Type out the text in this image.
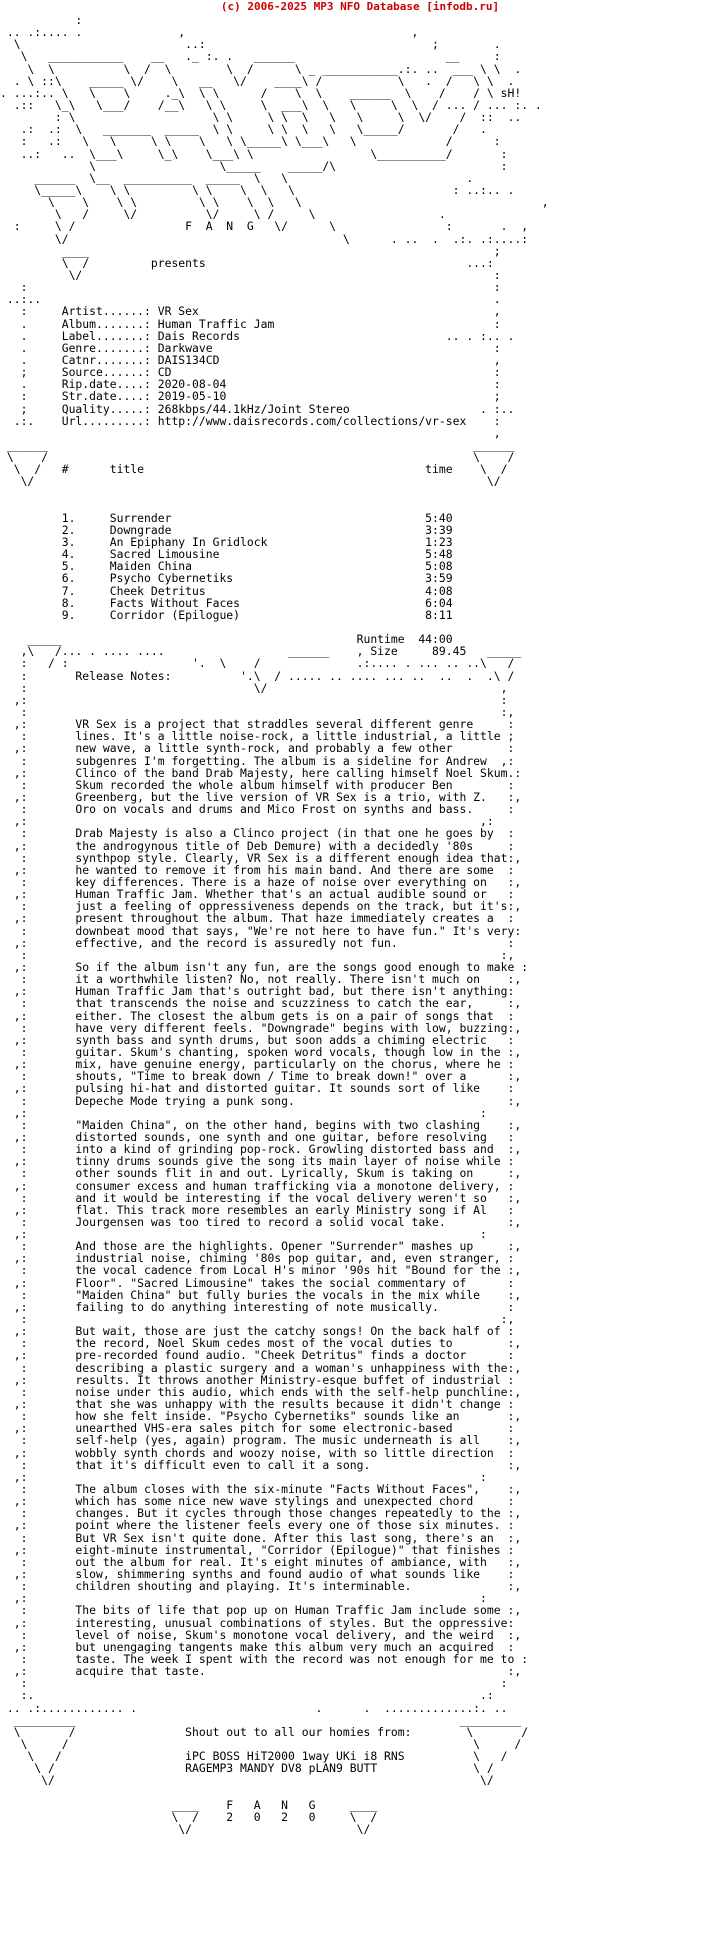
(c) 2006-2025 MP3 NFO Database [infodb.ru]
:
.. .:.... .              ,                                 ,
\                        ..:                                 ;        .
\   ___________    __   ._ :. .   ______                      __     :
\  \          \  /  \        \  /      \ _ ___________.:. ..  ___ \ \  .
. \ ::\    _____ \/    \   __   \/    ____\ /           \   .  /   \ \  .
. ...:.. \   \    \     ._\  \ \      /    \  \    ______  \    /    / \ sH!
.::   \_\   \___/    /__\   \ \     \  ___\  \   \     \  \  / ... / ... :. .
: \                    \ \     \ \  \   \   \     \  \/    /  ::  ..
.:  .:  \   _______  _____  \ \     \ \  \   \   \_____/       /   .
:   .:   \   \     \ \    \   \ \_____\ \___\   \             /      :
..:   ..  \___\     \_\    \___\ \                 \__________/       :
\                  \_____    _____/\                        :
______  \__  __________  _____  \   \                          .
\_____\    \ \         \ \    \  \   \                       : ..:.. .
\    \    \ \         \ \    \  \   \                                   ,
\   /     \/          \/     \ /     \                  .
:     \ /                F  A  N  G   \/      \                :       .  ,
\/                                        \      . ..  .  .:. .:....:
____                                                           ;
\  /         presents                                      ...:
\/                                                            :
:                                                                    :
..:..                                                                  .
:     Artist......: VR Sex                                           ,
.     Album.......: Human Traffic Jam                                :
.     Label.......: Dais Records                              .. . :.. .
.     Genre.......: Darkwave                                         :
.     Catnr.......: DAIS134CD                                        ,
;     Source......: CD                                               :
.     Rip.date....: 2020-08-04                                       :
:     Str.date....: 2019-05-10                                       ;
;     Quality.....: 268kbps/44.1kHz/Joint Stereo                   . :..
.:.    Url.........: http://www.daisrecords.com/collections/vr-sex    :
,
______                                                              ______
\    /                                                              \    /
\  /   #      title                                         time    \  /
\/                                                                  \/

1.     Surrender                                     5:40
2.     Downgrade                                     3:39
3.     An Epiphany In Gridlock                       1:23
4.     Sacred Limousine                              5:48
5.     Maiden China                                  5:08
6.     Psycho Cybernetiks                            3:59
7.     Cheek Detritus                                4:08
8.     Facts Without Faces                           6:04
9.     Corridor (Epilogue)                           8:11

_____                                           Runtime  44:00
,\   /... . .... ....                  ______    , Size     89.45   _____
:   / :                  '.  \    /              .:.... . ... .. ..\   /
:       Release Notes:          '.\  / ..... .. .... ... ..  ..  .  .\ /
:                                 \/                                  ,
,:                                                                     :
:                                                                     :,
,:       VR Sex is a project that straddles several different genre     :
:       lines. It's a little noise-rock, a little industrial, a little ;
,:       new wave, a little synth-rock, and probably a few other        :
:       subgenres I'm forgetting. The album is a sideline for Andrew  ,:
,:       Clinco of the band Drab Majesty, here calling himself Noel Skum.:
:       Skum recorded the whole album himself with producer Ben        :
,:       Greenberg, but the live version of VR Sex is a trio, with Z.   :,
:       Oro on vocals and drums and Mico Frost on synths and bass.     :
,:                                                                  ,:
:       Drab Majesty is also a Clinco project (in that one he goes by  :
,:       the androgynous title of Deb Demure) with a decidedly '80s     :
:       synthpop style. Clearly, VR Sex is a different enough idea that:,
,:       he wanted to remove it from his main band. And there are some  :
:       key differences. There is a haze of noise over everything on   :,
,:       Human Traffic Jam. Whether that's an actual audible sound or   :
:       just a feeling of oppressiveness depends on the track, but it's:,
,:       present throughout the album. That haze immediately creates a  :
:       downbeat mood that says, "We're not here to have fun." It's very:
,:       effective, and the record is assuredly not fun.                :
:                                                                     :,
,:       So if the album isn't any fun, are the songs good enough to make :
:       it a worthwhile listen? No, not really. There isn't much on    :,
,:       Human Traffic Jam that's outright bad, but there isn't anything:
:       that transcends the noise and scuzziness to catch the ear,     :,
,:       either. The closest the album gets is on a pair of songs that  :
:       have very different feels. "Downgrade" begins with low, buzzing:,
,:       synth bass and synth drums, but soon adds a chiming electric   :
:       guitar. Skum's chanting, spoken word vocals, though low in the :,
,:       mix, have genuine energy, particularly on the chorus, where he :
:       shouts, "Time to break down / Time to break down!" over a      :,
,:       pulsing hi-hat and distorted guitar. It sounds sort of like    :
:       Depeche Mode trying a punk song.                               :,
,:                                                                  :
:       "Maiden China", on the other hand, begins with two clashing    :,
,:       distorted sounds, one synth and one guitar, before resolving   :
:       into a kind of grinding pop-rock. Growling distorted bass and  :,
,:       tinny drums sounds give the song its main layer of noise while :
:       other sounds flit in and out. Lyrically, Skum is taking on     :,
,:       consumer excess and human trafficking via a monotone delivery, :
:       and it would be interesting if the vocal delivery weren't so   :,
,:       flat. This track more resembles an early Ministry song if Al   :
:       Jourgensen was too tired to record a solid vocal take.         :,
,:                                                                  :
:       And those are the highlights. Opener "Surrender" mashes up     :,
,:       industrial noise, chiming '80s pop guitar, and, even stranger, :
:       the vocal cadence from Local H's minor '90s hit "Bound for the :,
,:       Floor". "Sacred Limousine" takes the social commentary of      :
:       "Maiden China" but fully buries the vocals in the mix while    :,
,:       failing to do anything interesting of note musically.          :
:                                                                     :,
,:       But wait, those are just the catchy songs! On the back half of :
:       the record, Noel Skum cedes most of the vocal duties to        :,
,:       pre-recorded found audio. "Cheek Detritus" finds a doctor      :
:       describing a plastic surgery and a woman's unhappiness with the:,
,:       results. It throws another Ministry-esque buffet of industrial :
:       noise under this audio, which ends with the self-help punchline:,
,:       that she was unhappy with the results because it didn't change :
:       how she felt inside. "Psycho Cybernetiks" sounds like an       :,
,:       unearthed VHS-era sales pitch for some electronic-based        :
:       self-help (yes, again) program. The music underneath is all    :,
,:       wobbly synth chords and woozy noise, with so little direction  :
:       that it's difficult even to call it a song.                    :,
,:                                                                  :
:       The album closes with the six-minute "Facts Without Faces",    :,
,:       which has some nice new wave stylings and unexpected chord     :
:       changes. But it cycles through those changes repeatedly to the :,
,:       point where the listener feels every one of those six minutes. :
:       But VR Sex isn't quite done. After this last song, there's an  :,
,:       eight-minute instrumental, "Corridor (Epilogue)" that finishes :
:       out the album for real. It's eight minutes of ambiance, with   :,
,:       slow, shimmering synths and found audio of what sounds like    :
:       children shouting and playing. It's interminable.              :,
,:                                                                  :
:       The bits of life that pop up on Human Traffic Jam include some :,
,:       interesting, unusual combinations of styles. But the oppressive:
:       level of noise, Skum's monotone vocal delivery, and the weird  :,
,:       but unengaging tangents make this album very much an acquired  :
:       taste. The week I spent with the record was not enough for me to :
,:       acquire that taste.                                            :,
:                                                                     :
:.                                                                 .:
.. .:............ .                          .      .  .............:. ..
_________                                                        _________
\       /                Shout out to all our homies from:        \       /
\     /                                                           \     /
\   /                  iPC BOSS HiT2000 1way UKi i8 RNS          \   /
\ /                   RAGEMP3 MANDY DV8 pLAN9 BUTT              \ /
\/                                                              \/

____    F   A   N   G     ____
\  /    2   0   2   0     \  /
\/                        \/
